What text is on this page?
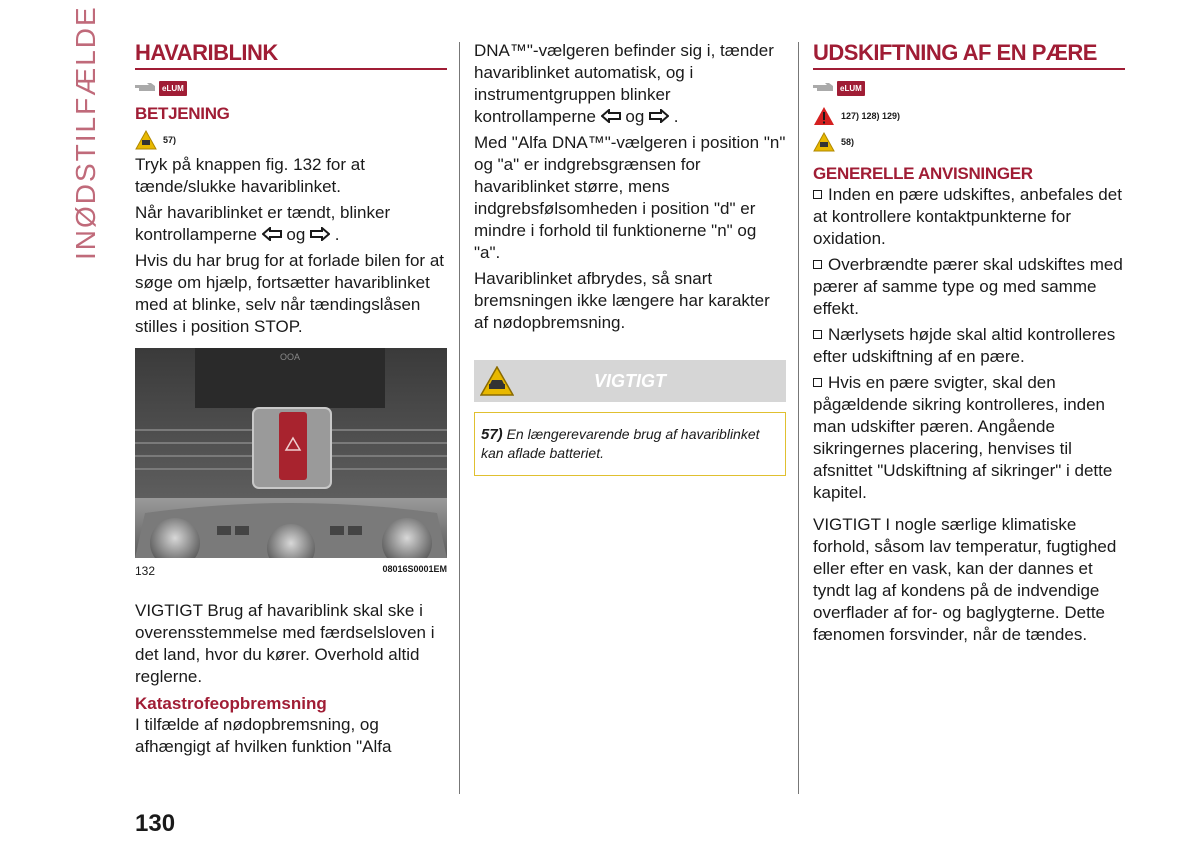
INØDSTILFÆLDE HAVARIBLINK
eLUM
BETJENING
57)

Tryk på knappen fig. 132 for at tænde/slukke havariblinket.

Når havariblinket er tændt, blinker kontrollamperne og .

Hvis du har brug for at forlade bilen for at søge om hjælp, fortsætter havariblinket med at blinke, selv når tændingslåsen stilles i position STOP.

OOA
132	08016S0001EM

VIGTIGT Brug af havariblink skal ske i overensstemmelse med færdselsloven i det land, hvor du kører. Overhold altid reglerne.

Katastrofeopbremsning

I tilfælde af nødopbremsning, og afhængigt af hvilken funktion "Alfa

DNA™"-vælgeren befinder sig i, tænder havariblinket automatisk, og i instrumentgruppen blinker kontrollamperne og .

Med "Alfa DNA™"-vælgeren i position "n" og "a" er indgrebsgrænsen for havariblinket større, mens indgrebsfølsomheden i position "d" er mindre i forhold til funktionerne "n" og "a".

Havariblinket afbrydes, så snart bremsningen ikke længere har karakter af nødopbremsning.

VIGTIGT
57) En længerevarende brug af havariblinket kan aflade batteriet.
UDSKIFTNING AF EN PÆRE
eLUM
127) 128) 129)
58)
GENERELLE ANVISNINGER

Inden en pære udskiftes, anbefales det at kontrollere kontaktpunkterne for oxidation.

Overbrændte pærer skal udskiftes med pærer af samme type og med samme effekt.

Nærlysets højde skal altid kontrolleres efter udskiftning af en pære.

Hvis en pære svigter, skal den pågældende sikring kontrolleres, inden man udskifter pæren. Angående sikringernes placering, henvises til afsnittet "Udskiftning af sikringer" i dette kapitel.

VIGTIGT I nogle særlige klimatiske forhold, såsom lav temperatur, fugtighed eller efter en vask, kan der dannes et tyndt lag af kondens på de indvendige overflader af for- og baglygterne. Dette fænomen forsvinder, når de tændes.

130
